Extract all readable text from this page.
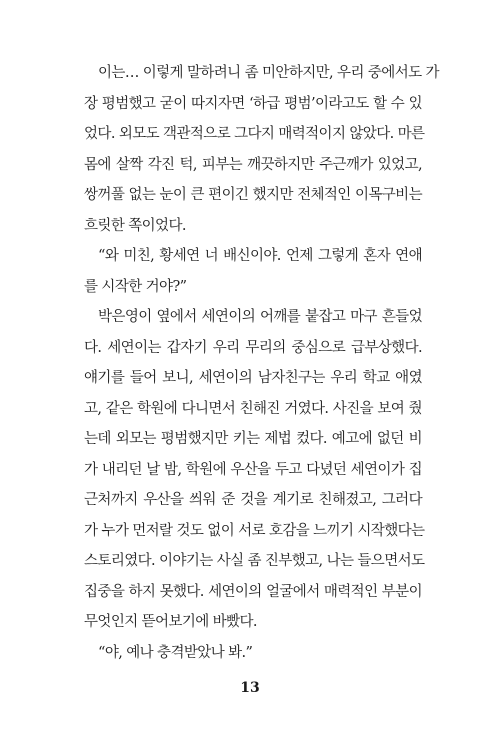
이는… 이렇게 말하려니 좀 미안하지만, 우리 중에서도 가
장 평범했고 굳이 따지자면 ‘하급 평범’이라고도 할 수 있
었다. 외모도 객관적으로 그다지 매력적이지 않았다. 마른
몸에 살짝 각진 턱, 피부는 깨끗하지만 주근깨가 있었고,
쌍꺼풀 없는 눈이 큰 편이긴 했지만 전체적인 이목구비는
흐릿한 쪽이었다.
“와 미친, 황세연 너 배신이야. 언제 그렇게 혼자 연애
를 시작한 거야?”
박은영이 옆에서 세연이의 어깨를 붙잡고 마구 흔들었
다. 세연이는 갑자기 우리 무리의 중심으로 급부상했다.
얘기를 들어 보니, 세연이의 남자친구는 우리 학교 애였
고, 같은 학원에 다니면서 친해진 거였다. 사진을 보여 줬
는데 외모는 평범했지만 키는 제법 컸다. 예고에 없던 비
가 내리던 날 밤, 학원에 우산을 두고 다녔던 세연이가 집
근처까지 우산을 씌워 준 것을 계기로 친해졌고, 그러다
가 누가 먼저랄 것도 없이 서로 호감을 느끼기 시작했다는
스토리였다. 이야기는 사실 좀 진부했고, 나는 들으면서도
집중을 하지 못했다. 세연이의 얼굴에서 매력적인 부분이
무엇인지 뜯어보기에 바빴다.
“야, 예나 충격받았나 봐.”
13
